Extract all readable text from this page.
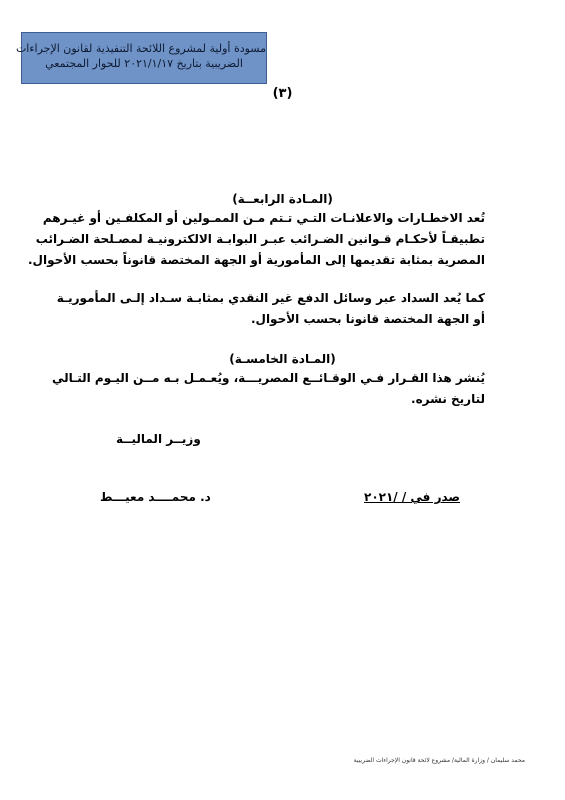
مسودة أولية لمشروع اللائحة التنفيذية لقانون الإجراءات
الضريبية بتاريخ ٢٠٢١/١/١٧ للحوار المجتمعي
(٣)
(المـادة الرابعــة)
تُعد الاخطـارات والاعلانـات التـي تـتم مـن الممـولين أو المكلفـين أو غيـرهم
تطبيقـاً لأحكـام قـوانين الضـرائب عبـر البوابـة الالكترونيـة لمصـلحة الضـرائب
المصرية بمثابة تقديمها إلى المأمورية أو الجهة المختصة قانوناً بحسب الأحوال.
كما يُعد السداد عبر وسائل الدفع غير النقدي بمثابـة سـداد إلـى المأموريـة
أو الجهة المختصة قانونا بحسب الأحوال.
(المـادة الخامسـة)
يُنشر هذا القـرار فـي الوقـائــع المصريـــة، ويُعـمـل بـه مــن اليـوم التـالي
لتاريخ نشره.
وزيــر الماليــة
د. محمــــد معيـــط	صدر في / /٢٠٢١
محمد سليمان / وزارة المالية/ مشروع لائحة قانون الإجراءات الضريبية
